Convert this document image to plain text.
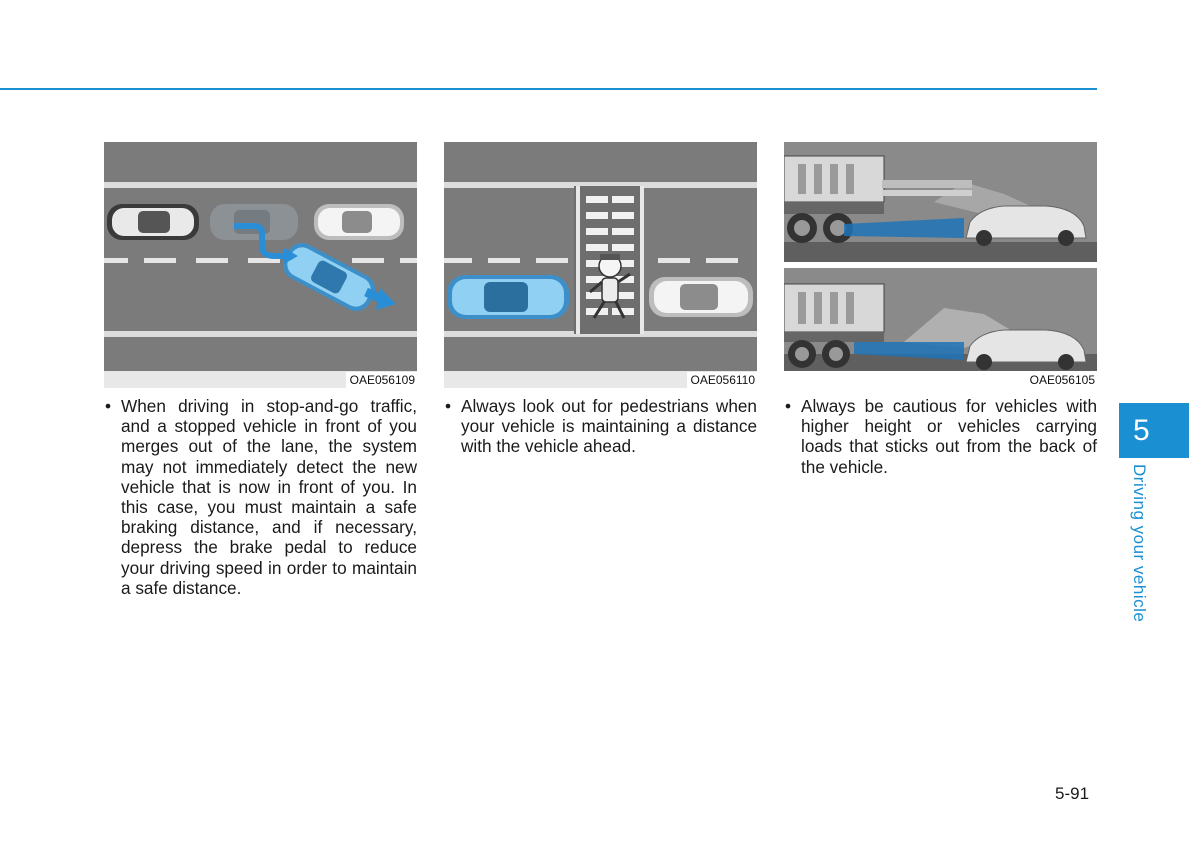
OAE056109
• When driving in stop-and-go traffic, and a stopped vehicle in front of you merges out of the lane, the system may not immediately detect the new vehicle that is now in front of you. In this case, you must maintain a safe braking distance, and if necessary, depress the brake pedal to reduce your driving speed in order to maintain a safe distance.
OAE056110
• Always look out for pedestrians when your vehicle is maintaining a distance with the vehicle ahead.
OAE056105
• Always be cautious for vehicles with higher height or vehicles carrying loads that sticks out from the back of the vehicle.
5
Driving your vehicle
5-91
